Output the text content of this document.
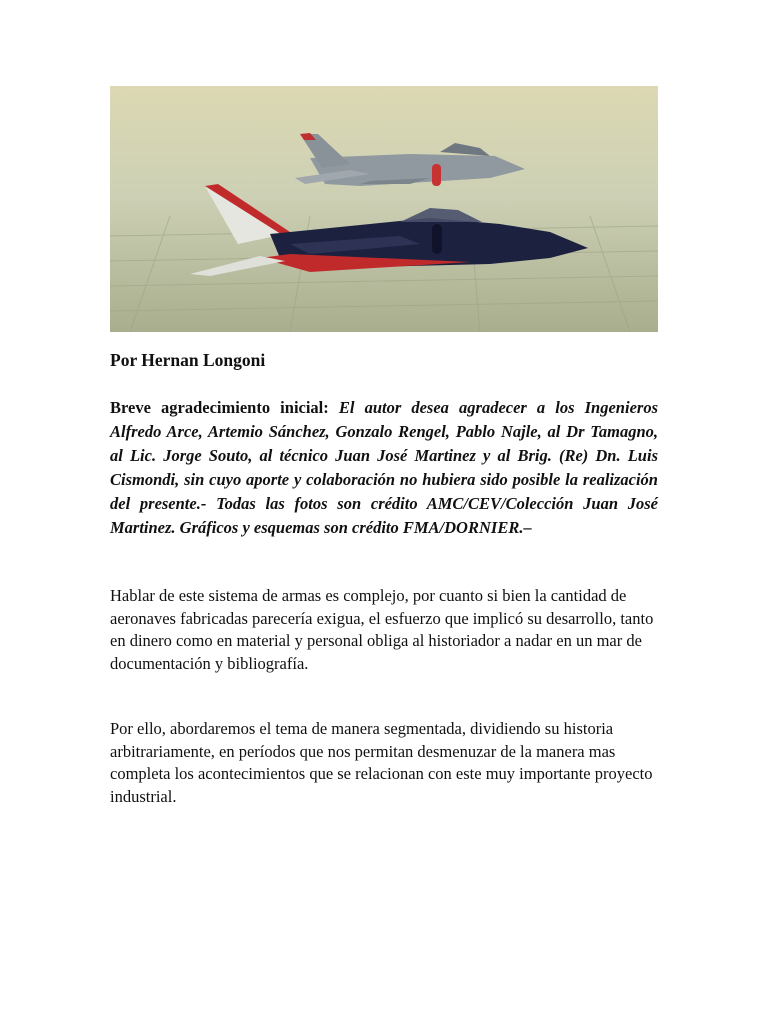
Por Hernan Longoni

Breve agradecimiento inicial: El autor desea agradecer a los Ingenieros Alfredo Arce, Artemio Sánchez, Gonzalo Rengel, Pablo Najle, al Dr Tamagno, al Lic. Jorge Souto, al técnico Juan José Martinez y al Brig. (Re) Dn. Luis Cismondi, sin cuyo aporte y colaboración no hubiera sido posible la realización del presente.- Todas las fotos son crédito AMC/CEV/Colección Juan José Martinez. Gráficos y esquemas son crédito FMA/DORNIER.–

Hablar de este sistema de armas es complejo, por cuanto si bien la cantidad de aeronaves fabricadas parecería exigua, el esfuerzo que implicó su desarrollo, tanto en dinero como en material y personal obliga al historiador a nadar en un mar de documentación y bibliografía.

Por ello, abordaremos el tema de manera segmentada, dividiendo su historia arbitrariamente, en períodos que nos permitan desmenuzar de la manera mas completa los acontecimientos que se relacionan con este muy importante proyecto industrial.
